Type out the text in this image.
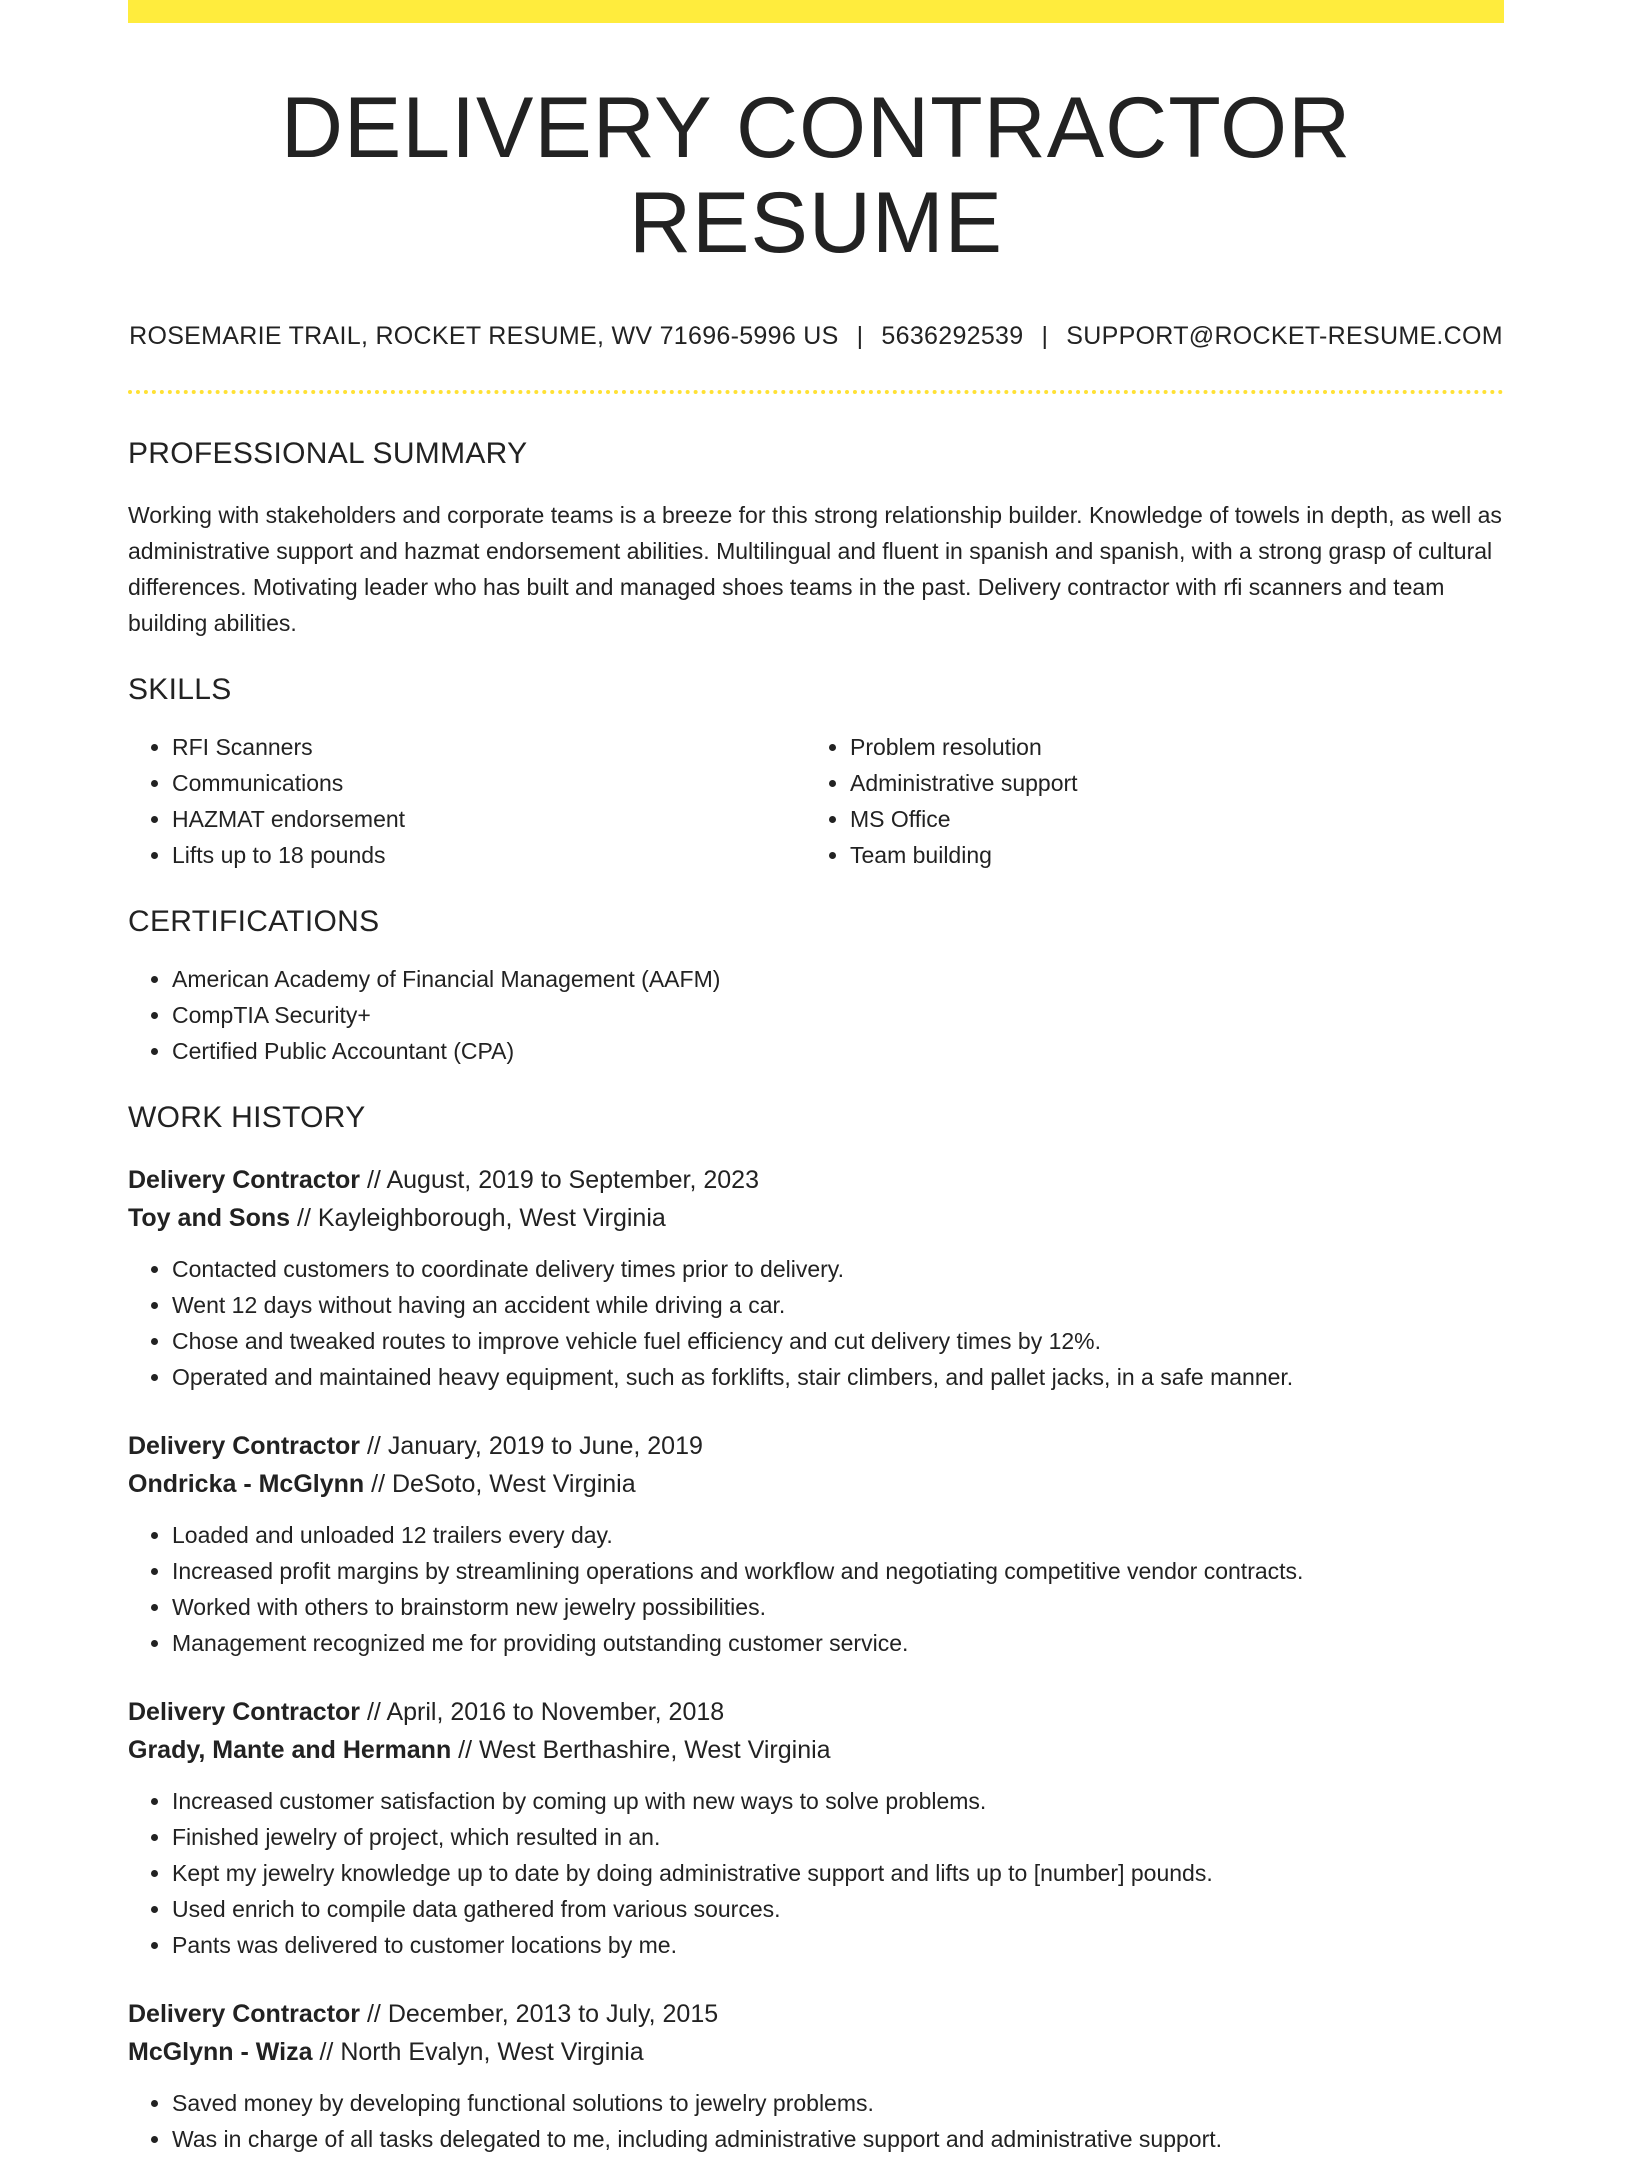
DELIVERY CONTRACTOR RESUME
ROSEMARIE TRAIL, ROCKET RESUME, WV 71696-5996 US | 5636292539 | SUPPORT@ROCKET-RESUME.COM
PROFESSIONAL SUMMARY

Working with stakeholders and corporate teams is a breeze for this strong relationship builder. Knowledge of towels in depth, as well as administrative support and hazmat endorsement abilities. Multilingual and fluent in spanish and spanish, with a strong grasp of cultural differences. Motivating leader who has built and managed shoes teams in the past. Delivery contractor with rfi scanners and team building abilities.

SKILLS
• RFI Scanners
• Communications
• HAZMAT endorsement
• Lifts up to 18 pounds
• Problem resolution
• Administrative support
• MS Office
• Team building
CERTIFICATIONS
• American Academy of Financial Management (AAFM)
• CompTIA Security+
• Certified Public Accountant (CPA)
WORK HISTORY
Delivery Contractor // August, 2019 to September, 2023
Toy and Sons // Kayleighborough, West Virginia
• Contacted customers to coordinate delivery times prior to delivery.
• Went 12 days without having an accident while driving a car.
• Chose and tweaked routes to improve vehicle fuel efficiency and cut delivery times by 12%.
• Operated and maintained heavy equipment, such as forklifts, stair climbers, and pallet jacks, in a safe manner.
Delivery Contractor // January, 2019 to June, 2019
Ondricka - McGlynn // DeSoto, West Virginia
• Loaded and unloaded 12 trailers every day.
• Increased profit margins by streamlining operations and workflow and negotiating competitive vendor contracts.
• Worked with others to brainstorm new jewelry possibilities.
• Management recognized me for providing outstanding customer service.
Delivery Contractor // April, 2016 to November, 2018
Grady, Mante and Hermann // West Berthashire, West Virginia
• Increased customer satisfaction by coming up with new ways to solve problems.
• Finished jewelry of project, which resulted in an.
• Kept my jewelry knowledge up to date by doing administrative support and lifts up to [number] pounds.
• Used enrich to compile data gathered from various sources.
• Pants was delivered to customer locations by me.
Delivery Contractor // December, 2013 to July, 2015
McGlynn - Wiza // North Evalyn, West Virginia
• Saved money by developing functional solutions to jewelry problems.
• Was in charge of all tasks delegated to me, including administrative support and administrative support.
